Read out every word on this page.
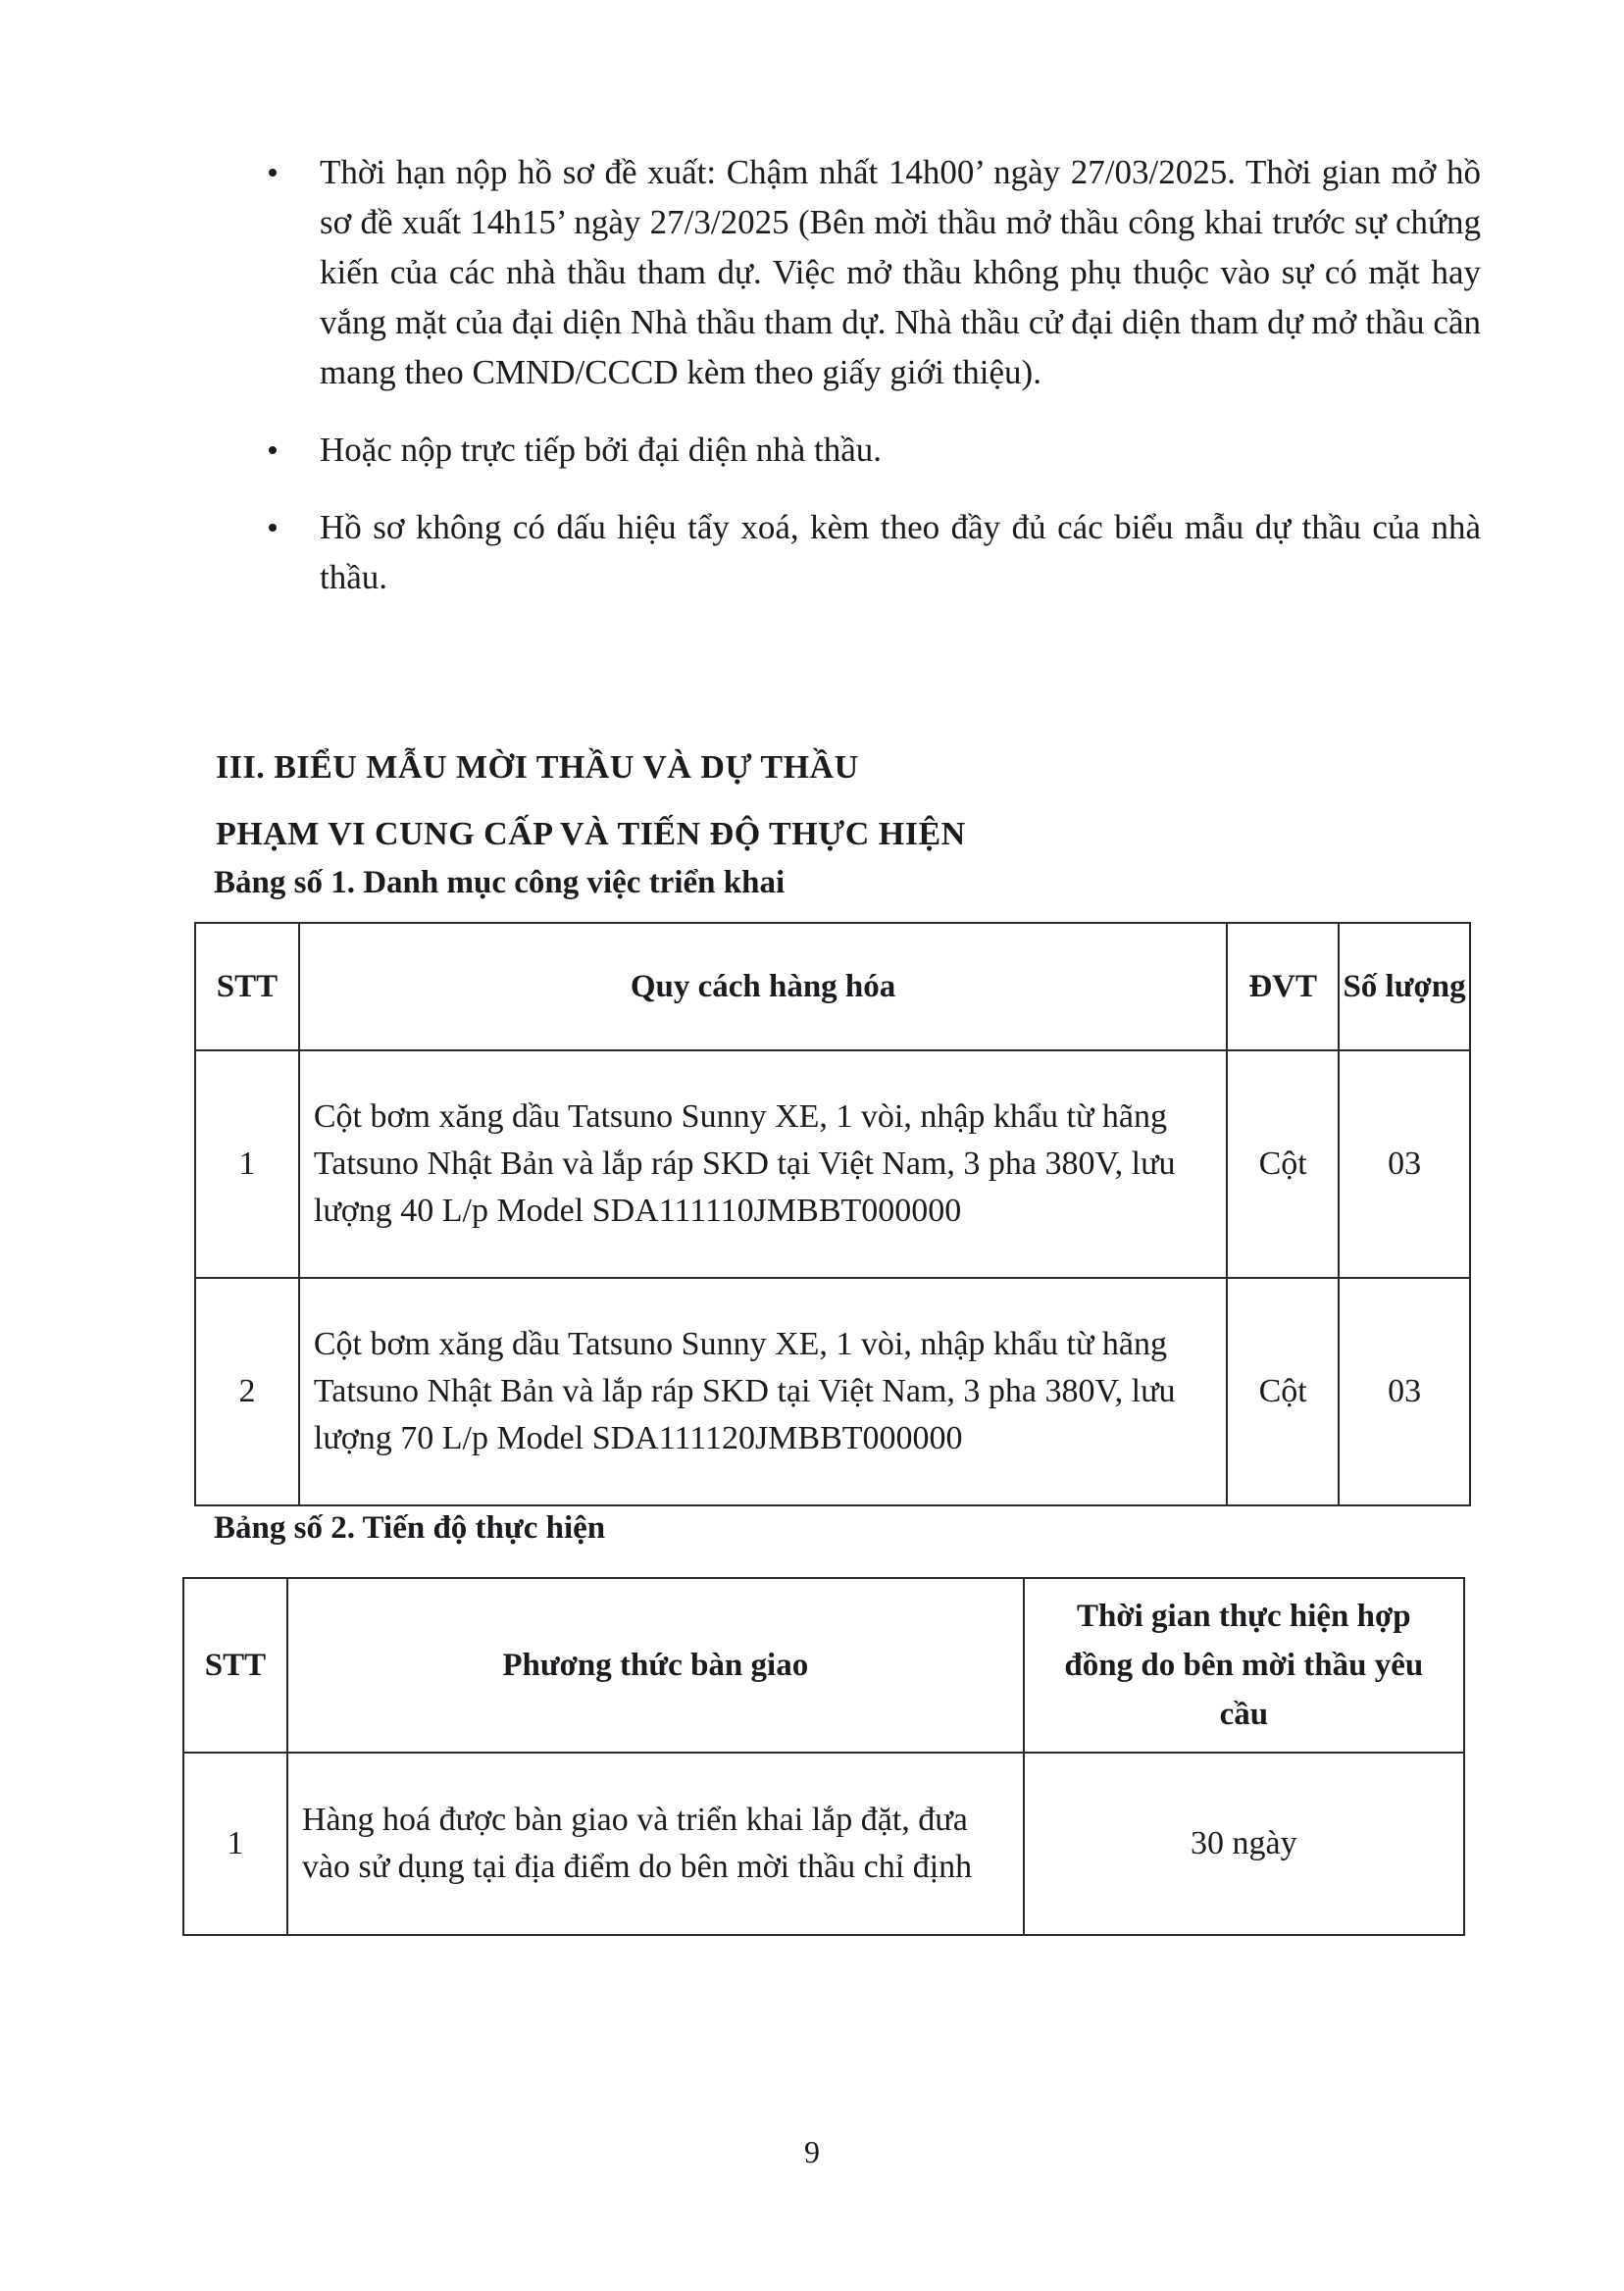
Thời hạn nộp hồ sơ đề xuất: Chậm nhất 14h00’ ngày 27/03/2025. Thời gian mở hồ sơ đề xuất 14h15’ ngày 27/3/2025 (Bên mời thầu mở thầu công khai trước sự chứng kiến của các nhà thầu tham dự. Việc mở thầu không phụ thuộc vào sự có mặt hay vắng mặt của đại diện Nhà thầu tham dự. Nhà thầu cử đại diện tham dự mở thầu cần mang theo CMND/CCCD kèm theo giấy giới thiệu).
Hoặc nộp trực tiếp bởi đại diện nhà thầu.
Hồ sơ không có dấu hiệu tẩy xoá, kèm theo đầy đủ các biểu mẫu dự thầu của nhà thầu.
III. BIỂU MẪU MỜI THẦU VÀ DỰ THẦU
PHẠM VI CUNG CẤP VÀ TIẾN ĐỘ THỰC HIỆN
Bảng số 1. Danh mục công việc triển khai
STT	Quy cách hàng hóa	ĐVT	Số lượng
1	Cột bơm xăng dầu Tatsuno Sunny XE, 1 vòi, nhập khẩu từ hãng Tatsuno Nhật Bản và lắp ráp SKD tại Việt Nam, 3 pha 380V, lưu lượng 40 L/p Model SDA111110JMBBT000000	Cột	03
2	Cột bơm xăng dầu Tatsuno Sunny XE, 1 vòi, nhập khẩu từ hãng Tatsuno Nhật Bản và lắp ráp SKD tại Việt Nam, 3 pha 380V, lưu lượng 70 L/p Model SDA111120JMBBT000000	Cột	03
Bảng số 2. Tiến độ thực hiện
STT	Phương thức bàn giao	Thời gian thực hiện hợp đồng do bên mời thầu yêu cầu
1	Hàng hoá được bàn giao và triển khai lắp đặt, đưa vào sử dụng tại địa điểm do bên mời thầu chỉ định	30 ngày
9
